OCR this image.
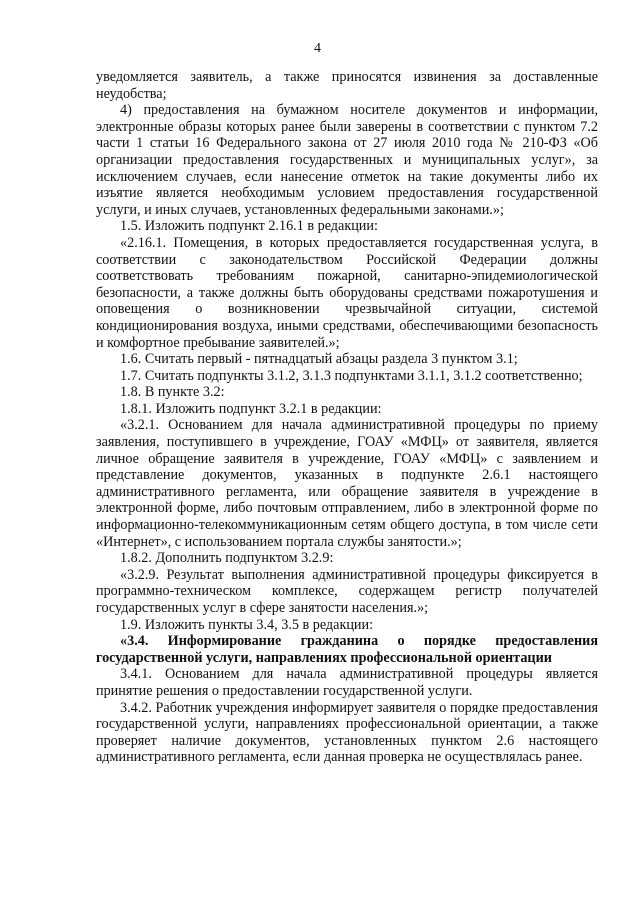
4

уведомляется заявитель, а также приносятся извинения за доставленные неудобства;

4) предоставления на бумажном носителе документов и информации, электронные образы которых ранее были заверены в соответствии с пунктом 7.2 части 1 статьи 16 Федерального закона от 27 июля 2010 года № 210-ФЗ «Об организации предоставления государственных и муниципальных услуг», за исключением случаев, если нанесение отметок на такие документы либо их изъятие является необходимым условием предоставления государственной услуги, и иных случаев, установленных федеральными законами.»;

1.5. Изложить подпункт 2.16.1 в редакции:

«2.16.1. Помещения, в которых предоставляется государственная услуга, в соответствии с законодательством Российской Федерации должны соответствовать требованиям пожарной, санитарно-эпидемиологической безопасности, а также должны быть оборудованы средствами пожаротушения и оповещения о возникновении чрезвычайной ситуации, системой кондиционирования воздуха, иными средствами, обеспечивающими безопасность и комфортное пребывание заявителей.»;

1.6. Считать первый - пятнадцатый абзацы раздела 3 пунктом 3.1;

1.7. Считать подпункты 3.1.2, 3.1.3 подпунктами 3.1.1, 3.1.2 соответственно;

1.8. В пункте 3.2:

1.8.1. Изложить подпункт 3.2.1 в редакции:

«3.2.1. Основанием для начала административной процедуры по приему заявления, поступившего в учреждение, ГОАУ «МФЦ» от заявителя, является личное обращение заявителя в учреждение, ГОАУ «МФЦ» с заявлением и представление документов, указанных в подпункте 2.6.1 настоящего административного регламента, или обращение заявителя в учреждение в электронной форме, либо почтовым отправлением, либо в электронной форме по информационно-телекоммуникационным сетям общего доступа, в том числе сети «Интернет», с использованием портала службы занятости.»;

1.8.2. Дополнить подпунктом 3.2.9:

«3.2.9. Результат выполнения административной процедуры фиксируется в программно-техническом комплексе, содержащем регистр получателей государственных услуг в сфере занятости населения.»;

1.9. Изложить пункты 3.4, 3.5 в редакции:

«3.4. Информирование гражданина о порядке предоставления государственной услуги, направлениях профессиональной ориентации

3.4.1. Основанием для начала административной процедуры является принятие решения о предоставлении государственной услуги.

3.4.2. Работник учреждения информирует заявителя о порядке предоставления государственной услуги, направлениях профессиональной ориентации, а также проверяет наличие документов, установленных пунктом 2.6 настоящего административного регламента, если данная проверка не осуществлялась ранее.
